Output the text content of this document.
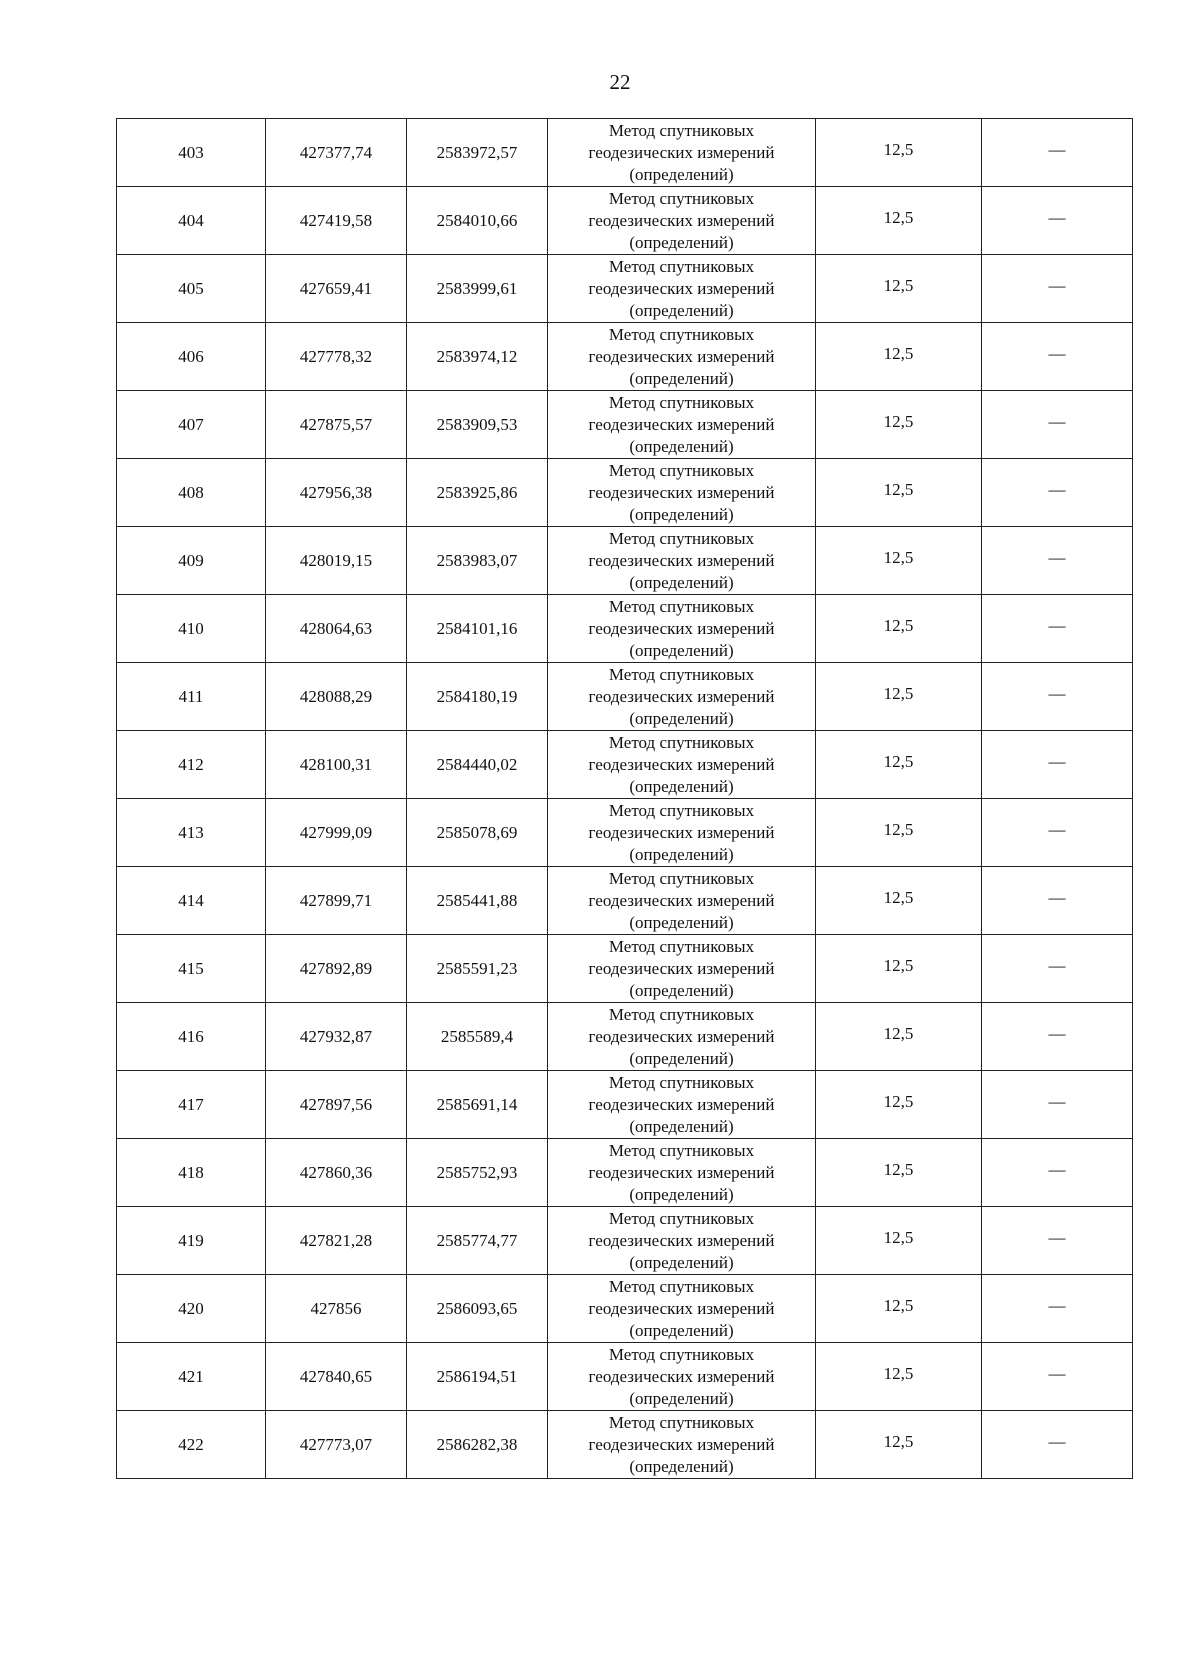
22
403	427377,74	2583972,57	Метод спутниковых
геодезических измерений
(определений)	12,5	—
404	427419,58	2584010,66	Метод спутниковых
геодезических измерений
(определений)	12,5	—
405	427659,41	2583999,61	Метод спутниковых
геодезических измерений
(определений)	12,5	—
406	427778,32	2583974,12	Метод спутниковых
геодезических измерений
(определений)	12,5	—
407	427875,57	2583909,53	Метод спутниковых
геодезических измерений
(определений)	12,5	—
408	427956,38	2583925,86	Метод спутниковых
геодезических измерений
(определений)	12,5	—
409	428019,15	2583983,07	Метод спутниковых
геодезических измерений
(определений)	12,5	—
410	428064,63	2584101,16	Метод спутниковых
геодезических измерений
(определений)	12,5	—
411	428088,29	2584180,19	Метод спутниковых
геодезических измерений
(определений)	12,5	—
412	428100,31	2584440,02	Метод спутниковых
геодезических измерений
(определений)	12,5	—
413	427999,09	2585078,69	Метод спутниковых
геодезических измерений
(определений)	12,5	—
414	427899,71	2585441,88	Метод спутниковых
геодезических измерений
(определений)	12,5	—
415	427892,89	2585591,23	Метод спутниковых
геодезических измерений
(определений)	12,5	—
416	427932,87	2585589,4	Метод спутниковых
геодезических измерений
(определений)	12,5	—
417	427897,56	2585691,14	Метод спутниковых
геодезических измерений
(определений)	12,5	—
418	427860,36	2585752,93	Метод спутниковых
геодезических измерений
(определений)	12,5	—
419	427821,28	2585774,77	Метод спутниковых
геодезических измерений
(определений)	12,5	—
420	427856	2586093,65	Метод спутниковых
геодезических измерений
(определений)	12,5	—
421	427840,65	2586194,51	Метод спутниковых
геодезических измерений
(определений)	12,5	—
422	427773,07	2586282,38	Метод спутниковых
геодезических измерений
(определений)	12,5	—
